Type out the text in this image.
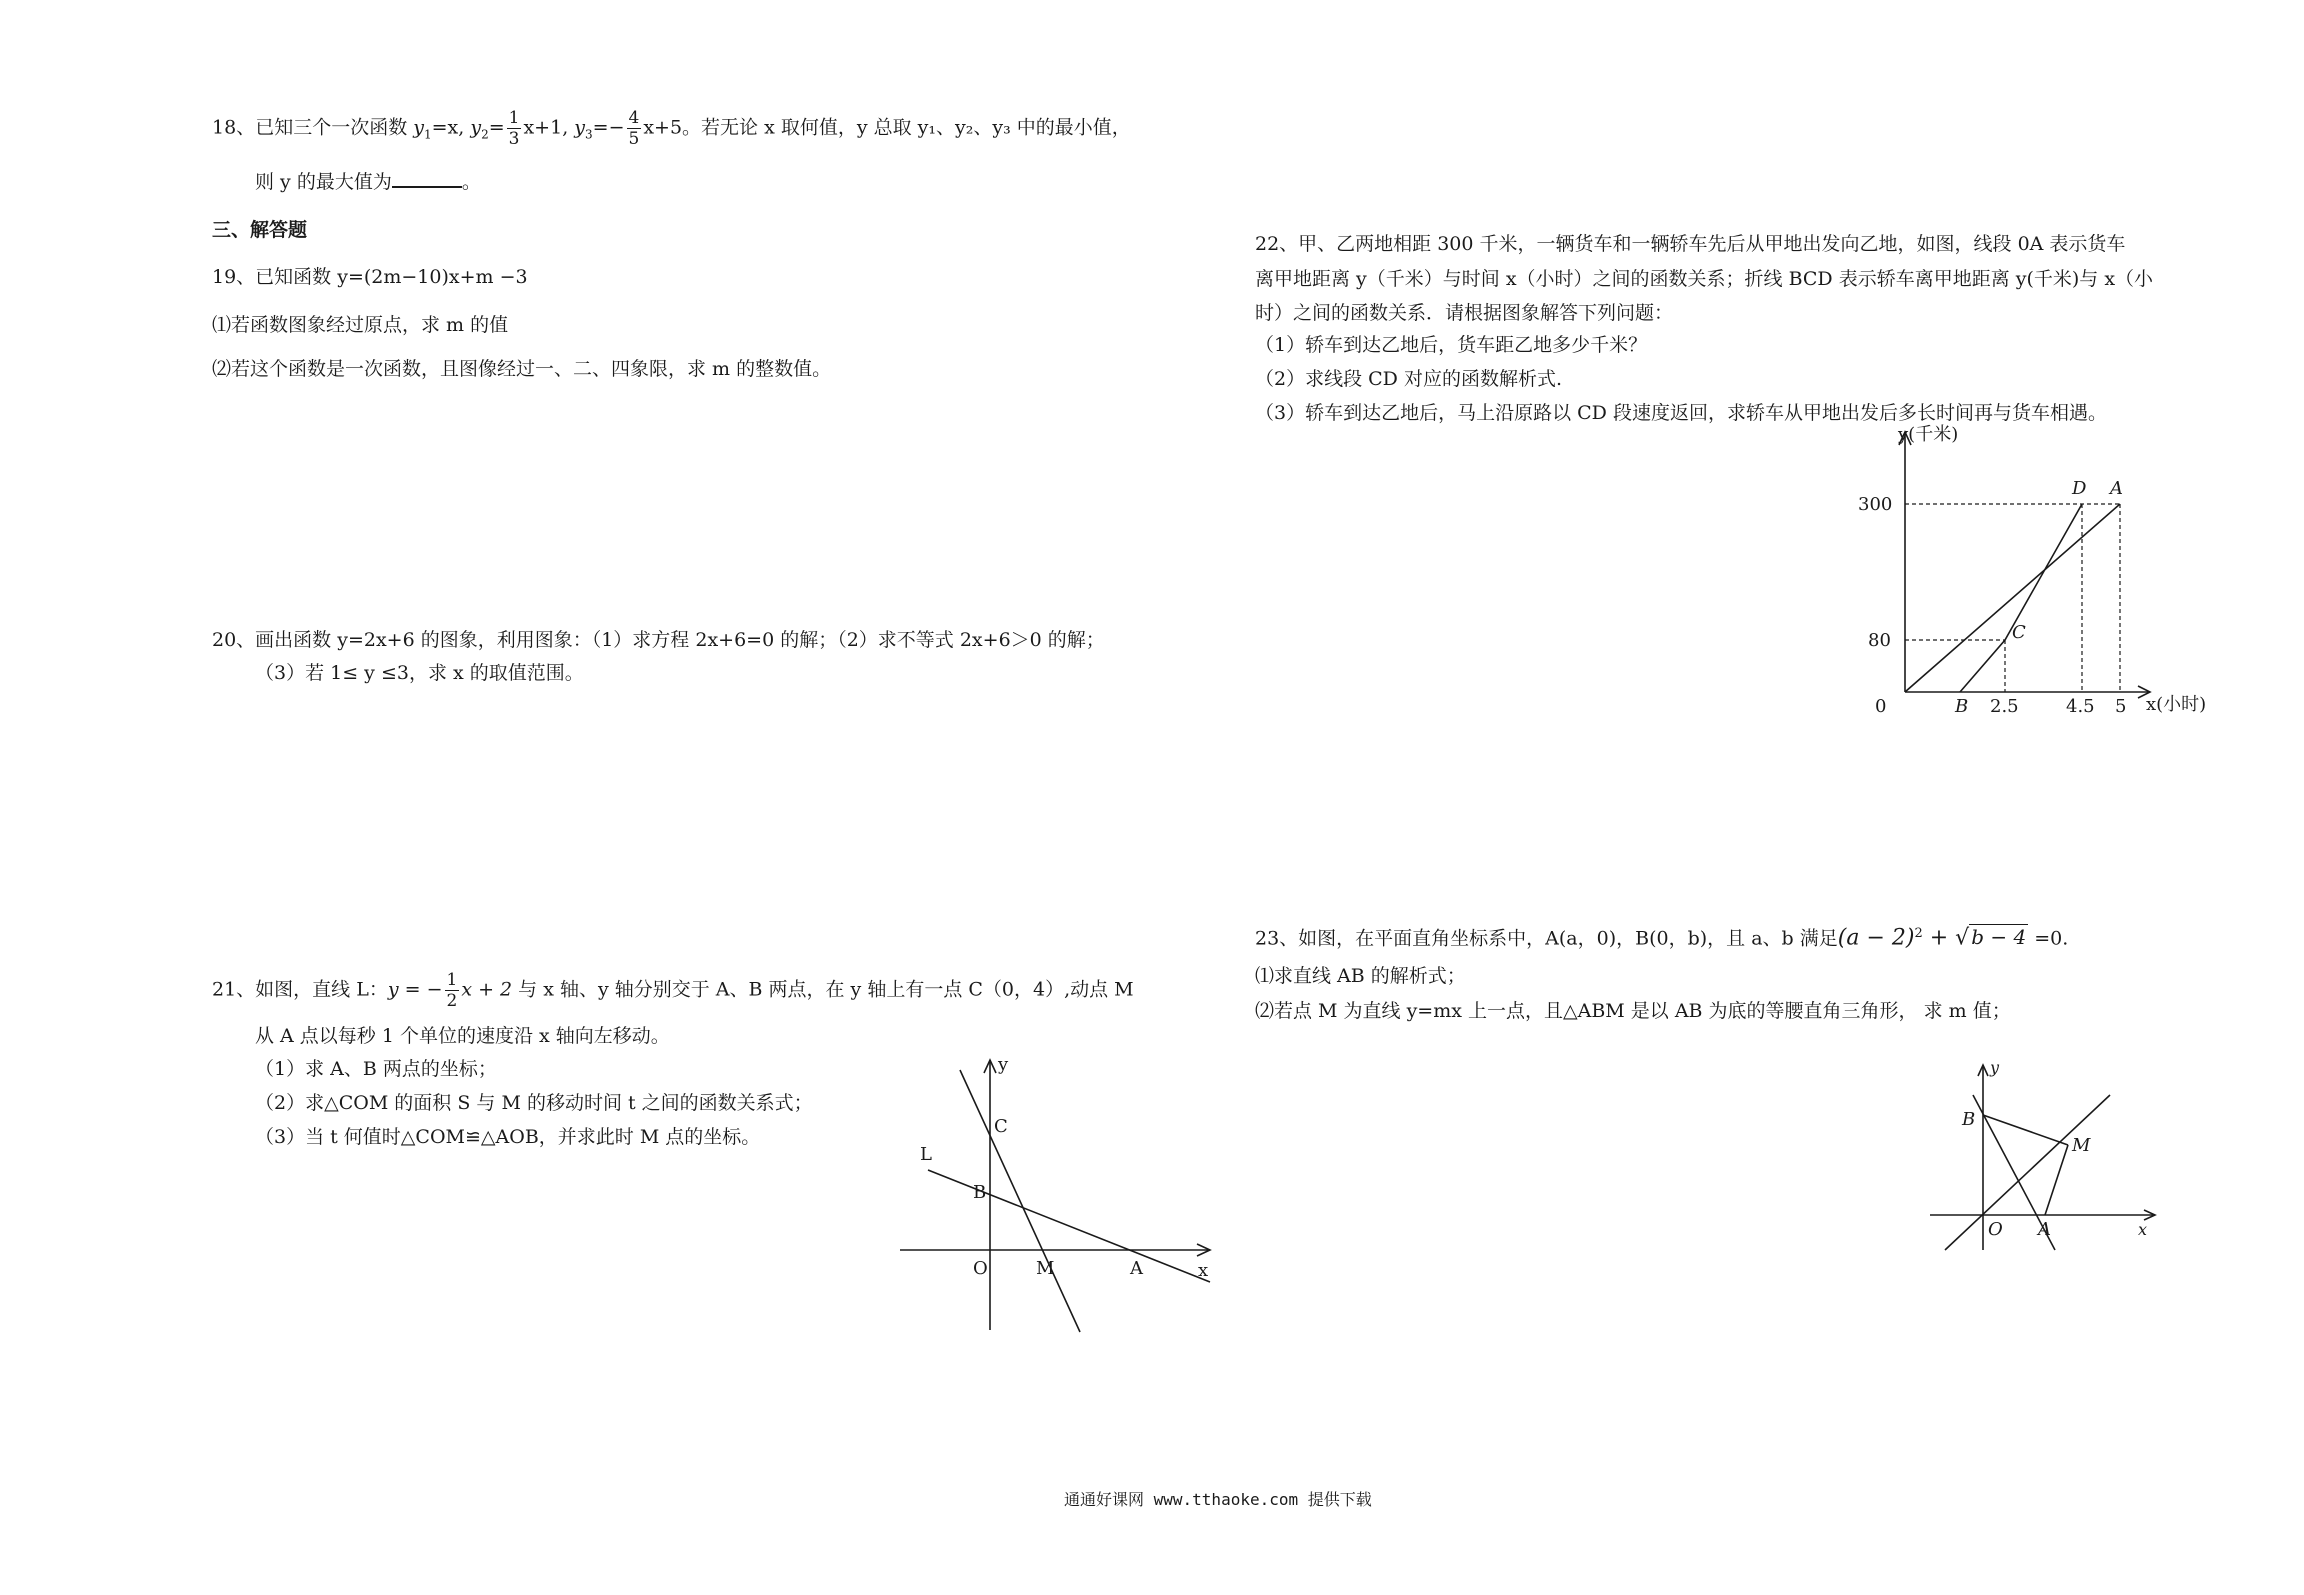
18、已知三个一次函数 $y_1=x$, $y_2= \frac{1}{3} x+1$, $y_3=- \frac{4}{5} x+5$。若无论 x 取何值，y 总取 y₁、y₂、y₃ 中的最小值，
则 y 的最大值为	。
三、解答题
19、已知函数 y=(2m−10)x+m −3
⑴若函数图象经过原点，求 m 的值
⑵若这个函数是一次函数，且图像经过一、二、四象限，求 m 的整数值。
20、画出函数 y=2x+6 的图象，利用图象：（1）求方程 2x+6=0 的解；（2）求不等式 2x+6＞0 的解；
（3）若 1≤ y ≤3，求 x 的取值范围。
21、如图，直线 L：y = − $\frac{1}{2}$ x + 2 与 x 轴、y 轴分别交于 A、B 两点，在 y 轴上有一点 C（0，4）,动点 M
从 A 点以每秒 1 个单位的速度沿 x 轴向左移动。
（1）求 A、B 两点的坐标；
（2）求△COM 的面积 S 与 M 的移动时间 t 之间的函数关系式；
（3）当 t 何值时△COM≌△AOB，并求此时 M 点的坐标。
y
x
C
L
B
O	M	A
22、甲、乙两地相距 300 千米，一辆货车和一辆轿车先后从甲地出发向乙地，如图，线段 0A 表示货车
离甲地距离 y（千米）与时间 x（小时）之间的函数关系；折线 BCD 表示轿车离甲地距离 y(千米)与 x（小
时）之间的函数关系．请根据图象解答下列问题：
（1）轿车到达乙地后，货车距乙地多少千米？
（2）求线段 CD 对应的函数解析式.
（3）轿车到达乙地后，马上沿原路以 CD 段速度返回，求轿车从甲地出发后多长时间再与货车相遇。
y(千米)
x(小时)
300
80
0	B 2.5	4.5 5
C
D A
23、如图，在平面直角坐标系中，A(a，0)，B(0，b)，且 a、b 满足$(a - 2)^2$ + √ b − 4 =0.
⑴求直线 AB 的解析式；
⑵若点 M 为直线 y=mx 上一点，且△ABM 是以 AB 为底的等腰直角三角形， 求 m 值；
y
x
B
M
O A
通通好课网 www.tthaoke.com 提供下载
